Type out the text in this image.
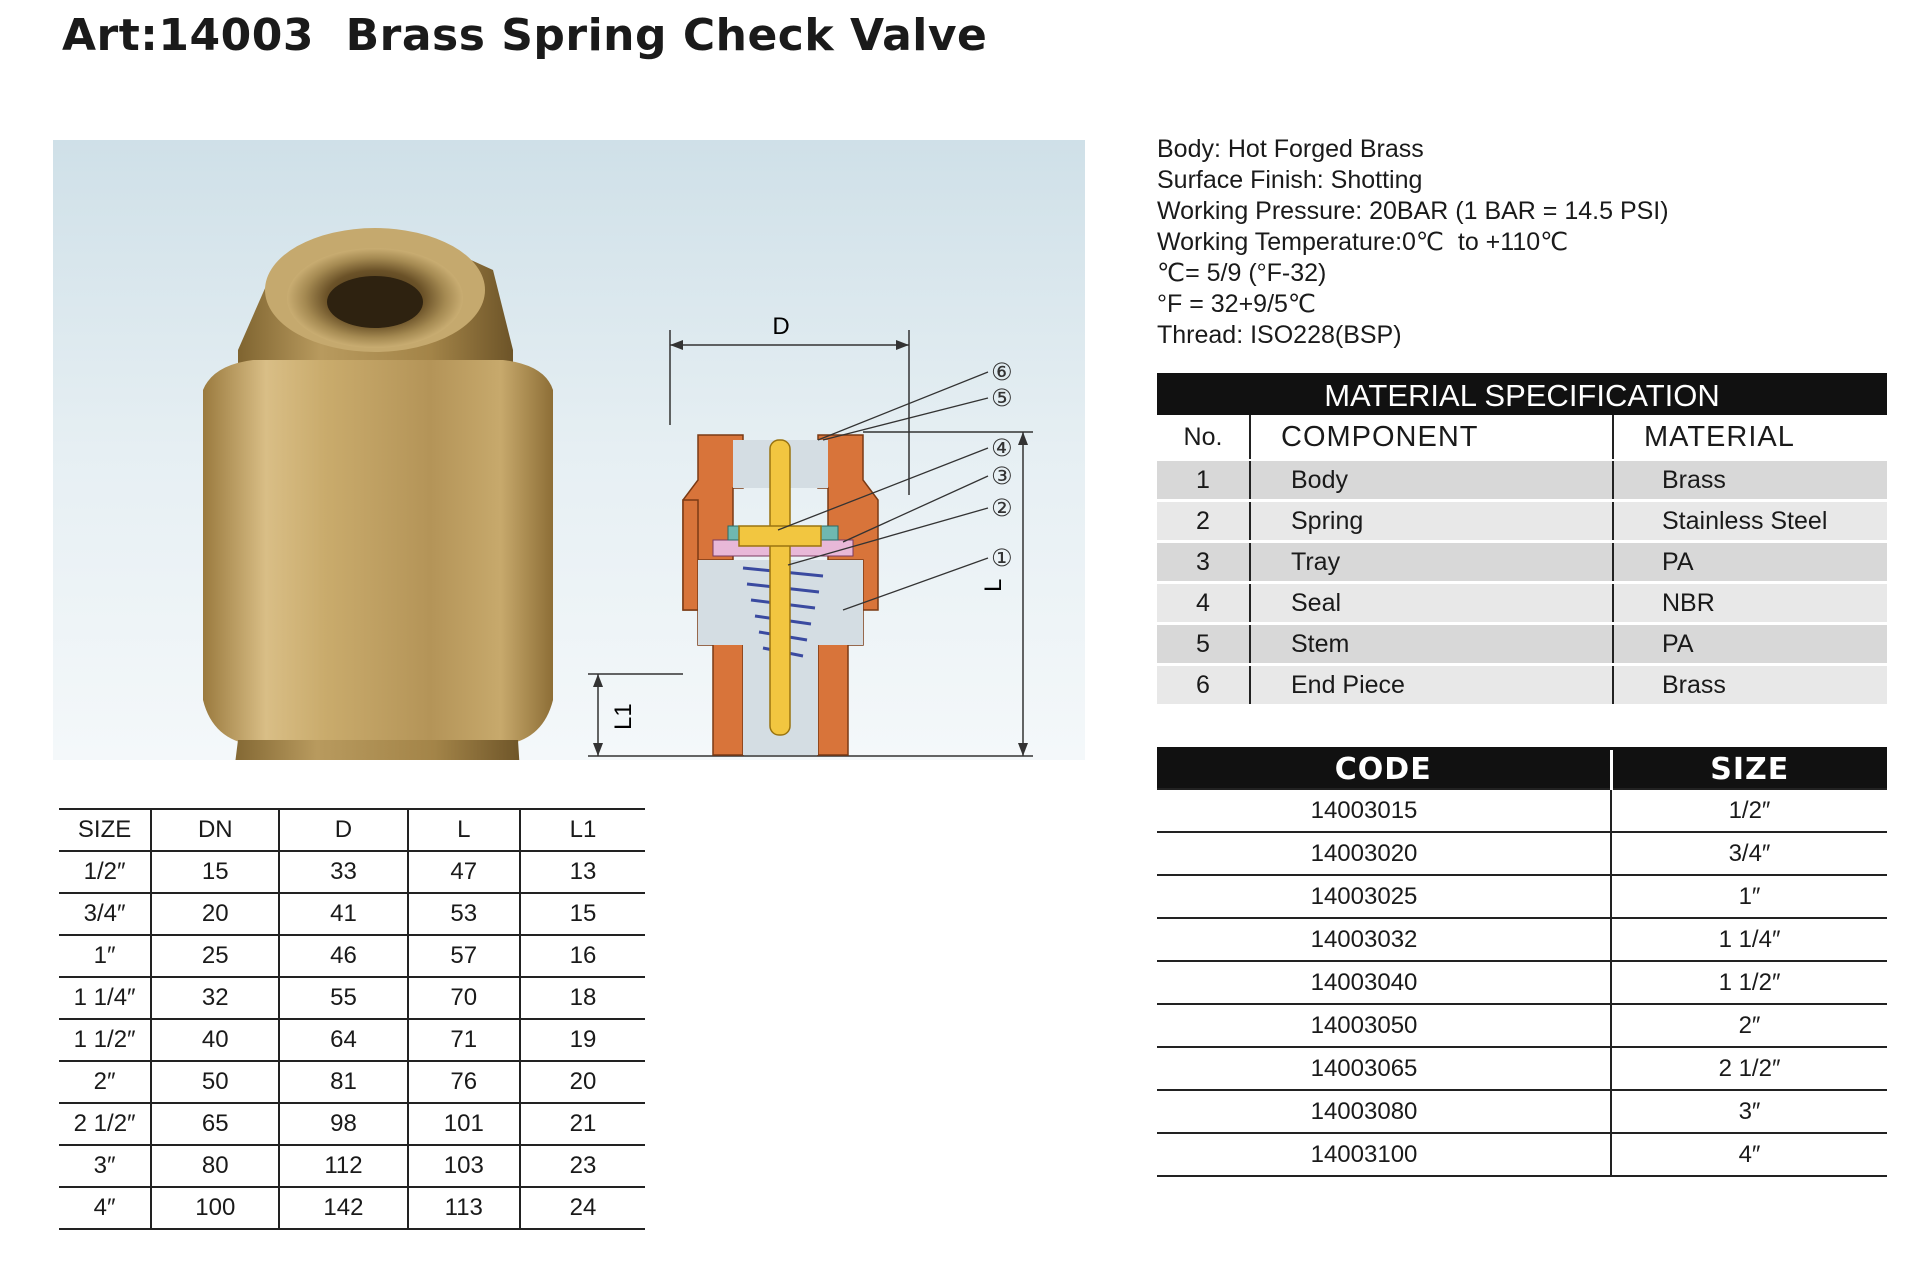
Art:14003  Brass Spring Check Valve
D
L
L1
⑥
⑤
④
③
②
①
Body: Hot Forged Brass
Surface Finish: Shotting
Working Pressure: 20BAR (1 BAR = 14.5 PSI)
Working Temperature:0℃  to +110℃
℃= 5/9 (°F-32)
°F = 32+9/5℃
Thread: ISO228(BSP)
MATERIAL SPECIFICATION
No.	COMPONENT	MATERIAL
1	Body	Brass
2	Spring	Stainless Steel
3	Tray	PA
4	Seal	NBR
5	Stem	PA
6	End Piece	Brass
CODE	SIZE
14003015	1/2″
14003020	3/4″
14003025	1″
14003032	1 1/4″
14003040	1 1/2″
14003050	2″
14003065	2 1/2″
14003080	3″
14003100	4″
SIZE	DN	D	L	L1
1/2″	15	33	47	13
3/4″	20	41	53	15
1″	25	46	57	16
1 1/4″	32	55	70	18
1 1/2″	40	64	71	19
2″	50	81	76	20
2 1/2″	65	98	101	21
3″	80	112	103	23
4″	100	142	113	24
